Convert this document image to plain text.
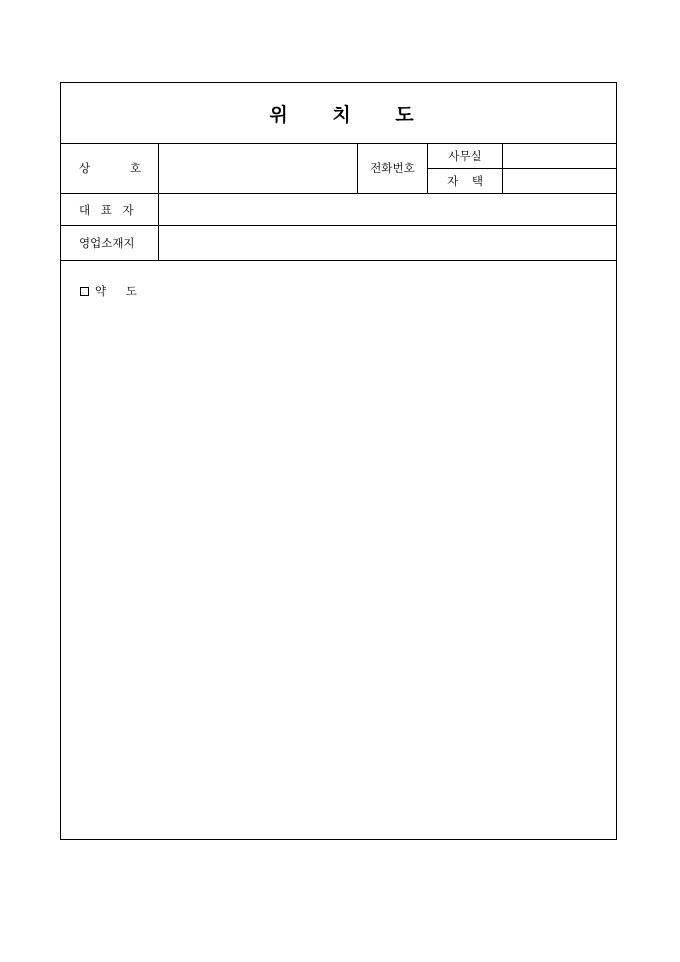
위 치 도
상	호	전화번호
사무실
자 택
대 표 자
영업소재지
약 도
